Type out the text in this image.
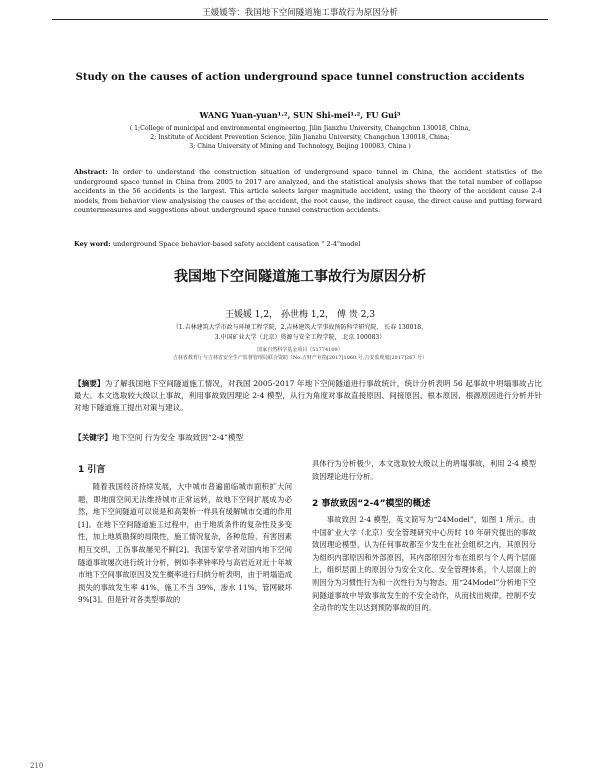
王媛媛等：我国地下空间隧道施工事故行为原因分析
Study on the causes of action underground space tunnel construction accidents
WANG Yuan-yuan¹·², SUN Shi-mei¹·², FU Gui³
( 1;College of municipal and environmental engineering, Jilin Jianzhu University, Changchun 130018, China,
2; Institute of Accident Prevention Science, Jilin Jianzhu University, Changchun 130018, China;
3; China University of Mining and Technology, Beijing 100083, China )
Abstract: In order to understand the construction situation of underground space tunnel in China, the accident statistics of the underground space tunnel in China from 2005 to 2017 are analyzed, and the statistical analysis shows that the total number of collapse accidents in the 56 accidents is the largest. This article selects larger magnitude accident, using the theory of the accident cause 2-4 models, from behavior view analysising the causes of the accident, the root cause, the indirect cause, the direct cause and putting forward countermeasures and suggestions about underground space tunnel construction accidents.
Key word: underground Space behavior-based safety accident causation " 2-4"model
我国地下空间隧道施工事故行为原因分析
王媛媛 1,2， 孙世梅 1,2， 傅 贵 2,3
（1.吉林建筑大学市政与环境工程学院，2.吉林建筑大学事故预防科学研究院， 长春 130018，
3.中国矿业大学（北京）资源与安全工程学院， 北京 100083）
国家自然科学基金项目（51774109）
吉林省教育厅与吉林省安全生产监督管理局联合资助（No:吉财产业指[2017]1060 号,吉安监规划[2017]267 号）
【摘要】为了解我国地下空间隧道施工情况，对我国 2005-2017 年地下空间隧道进行事故统计，统计分析表明 56 起事故中坍塌事故占比最大。本文选取较大级以上事故，利用事故致因理论 2-4 模型，从行为角度对事故直接原因、间接原因、根本原因、根源原因进行分析并针对地下隧道施工提出对策与建议。
【关键字】地下空间 行为安全 事故致因“2-4”模型
1 引言

随着我国经济持续发展，大中城市普遍面临城市面积扩大问题，即地面空间无法维持城市正常运转，故地下空间扩展成为必然，地下空间隧道可以说是和高架桥一样具有缓解城市交通的作用[1]。在地下空间隧道施工过程中，由于地质条件的复杂性及多变性，加上地质勘探的局限性，施工情况复杂，各种危险、有害因素相互交织，工伤事故屡见不鲜[2]。我国专家学者对国内地下空间隧道事故屡次进行统计分析，例如李孝钟率玲与高岩近对近十年城市地下空间事故原因及发生概率进行归纳分析表明，由于坍塌造成损失的事故发生率 41%，施工不当 39%，渗水 11%，管网破坏 9%[3]。但是针对各类型事故的

具体行为分析极少，本文选取较大级以上的坍塌事故，利用 2-4 模型致因理论进行分析。

2 事故致因“2-4”模型的概述

事故致因 2-4 模型，英文简写为“24Model”，如图 1 所示。由中国矿业大学（北京）安全管理研究中心历时 10 年研究提出的事故致因理论模型，认为任何事故都至少发生在社会组织之内，其原因分为组织内部原因和外部原因，其内部原因分布在组织与个人两个层面上，组织层面上的原因分为安全文化、安全管理体系，个人层面上的则因分为习惯性行为和一次性行为与物态。用“24Model”分析地下空间隧道事故中导致事故发生的不安全动作，从而找出规律，控制不安全动作的发生以达到预防事故的目的。

210
